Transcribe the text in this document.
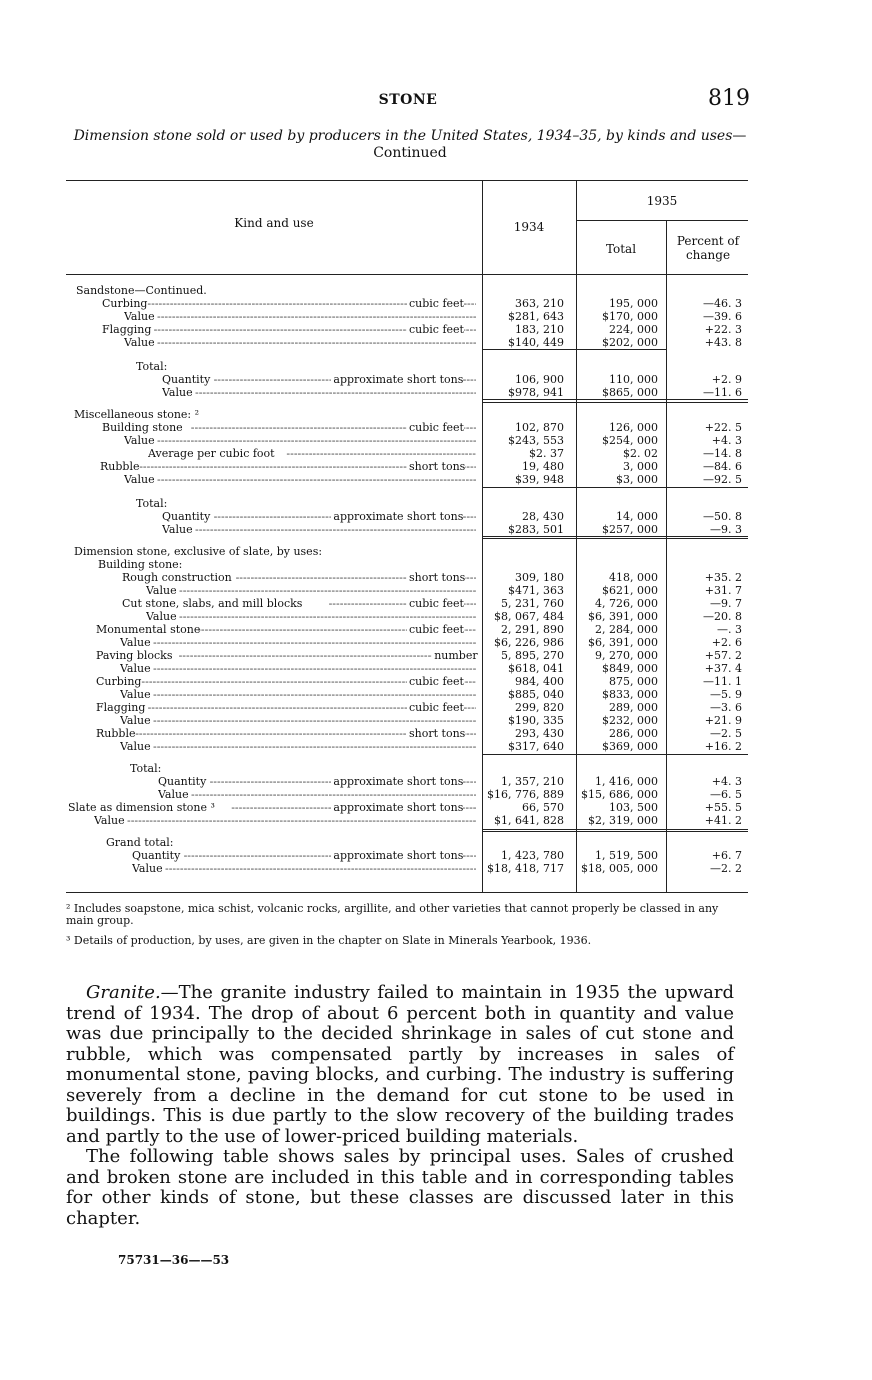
STONE	819
Dimension stone sold or used by producers in the United States, 1934–35, by kinds and uses—Continued
Kind and use	1934
1935
Total
Percent of change
Sandstone—Continued.
-----
Curbing	cubic feet	363, 210	195, 000	—46. 3
-----
Value	$281, 643	$170, 000	—39. 6
-----
Flagging	cubic feet	183, 210	224, 000	+22. 3
-----
Value	$140, 449	$202, 000	+43. 8
Total:
-----
Quantity	approximate short tons	106, 900	110, 000	+2. 9
-----
Value	$978, 941	$865, 000	—11. 6
Miscellaneous stone: ²
-----
Building stone	cubic feet	102, 870	126, 000	+22. 5
-----
Value	$243, 553	$254, 000	+4. 3
-----
Average per cubic foot	$2. 37	$2. 02	—14. 8
-----
Rubble	short tons	19, 480	3, 000	—84. 6
-----
Value	$39, 948	$3, 000	—92. 5
Total:
-----
Quantity	approximate short tons	28, 430	14, 000	—50. 8
-----
Value	$283, 501	$257, 000	—9. 3
Dimension stone, exclusive of slate, by uses:
Building stone:
-----
Rough construction	short tons	309, 180	418, 000	+35. 2
-----
Value	$471, 363	$621, 000	+31. 7
-----
Cut stone, slabs, and mill blocks	cubic feet	5, 231, 760	4, 726, 000	—9. 7
-----
Value	$8, 067, 484	$6, 391, 000	—20. 8
-----
Monumental stone	cubic feet	2, 291, 890	2, 284, 000	—. 3
-----
Value	$6, 226, 986	$6, 391, 000	+2. 6
-----
Paving blocks	number	5, 895, 270	9, 270, 000	+57. 2
-----
Value	$618, 041	$849, 000	+37. 4
-----
Curbing	cubic feet	984, 400	875, 000	—11. 1
-----
Value	$885, 040	$833, 000	—5. 9
-----
Flagging	cubic feet	299, 820	289, 000	—3. 6
-----
Value	$190, 335	$232, 000	+21. 9
-----
Rubble	short tons	293, 430	286, 000	—2. 5
-----
Value	$317, 640	$369, 000	+16. 2
Total:
-----
Quantity	approximate short tons	1, 357, 210	1, 416, 000	+4. 3
-----
Value	$16, 776, 889 $15, 686, 000	—6. 5
-----
Slate as dimension stone ³	approximate short tons	66, 570	103, 500	+55. 5
-----
Value	$1, 641, 828	$2, 319, 000	+41. 2
Grand total:
-----
Quantity	approximate short tons	1, 423, 780	1, 519, 500	+6. 7
-----
Value	$18, 418, 717 $18, 005, 000	—2. 2
² Includes soapstone, mica schist, volcanic rocks, argillite, and other varieties that cannot properly be classed in any main group.
³ Details of production, by uses, are given in the chapter on Slate in Minerals Yearbook, 1936.

Granite.—The granite industry failed to maintain in 1935 the upward trend of 1934. The drop of about 6 percent both in quantity and value was due principally to the decided shrinkage in sales of cut stone and rubble, which was compensated partly by increases in sales of monumental stone, paving blocks, and curbing. The industry is suffering severely from a decline in the demand for cut stone to be used in buildings. This is due partly to the slow recovery of the building trades and partly to the use of lower-priced building materials.

The following table shows sales by principal uses. Sales of crushed and broken stone are included in this table and in corresponding tables for other kinds of stone, but these classes are discussed later in this chapter.

75731—36——53
